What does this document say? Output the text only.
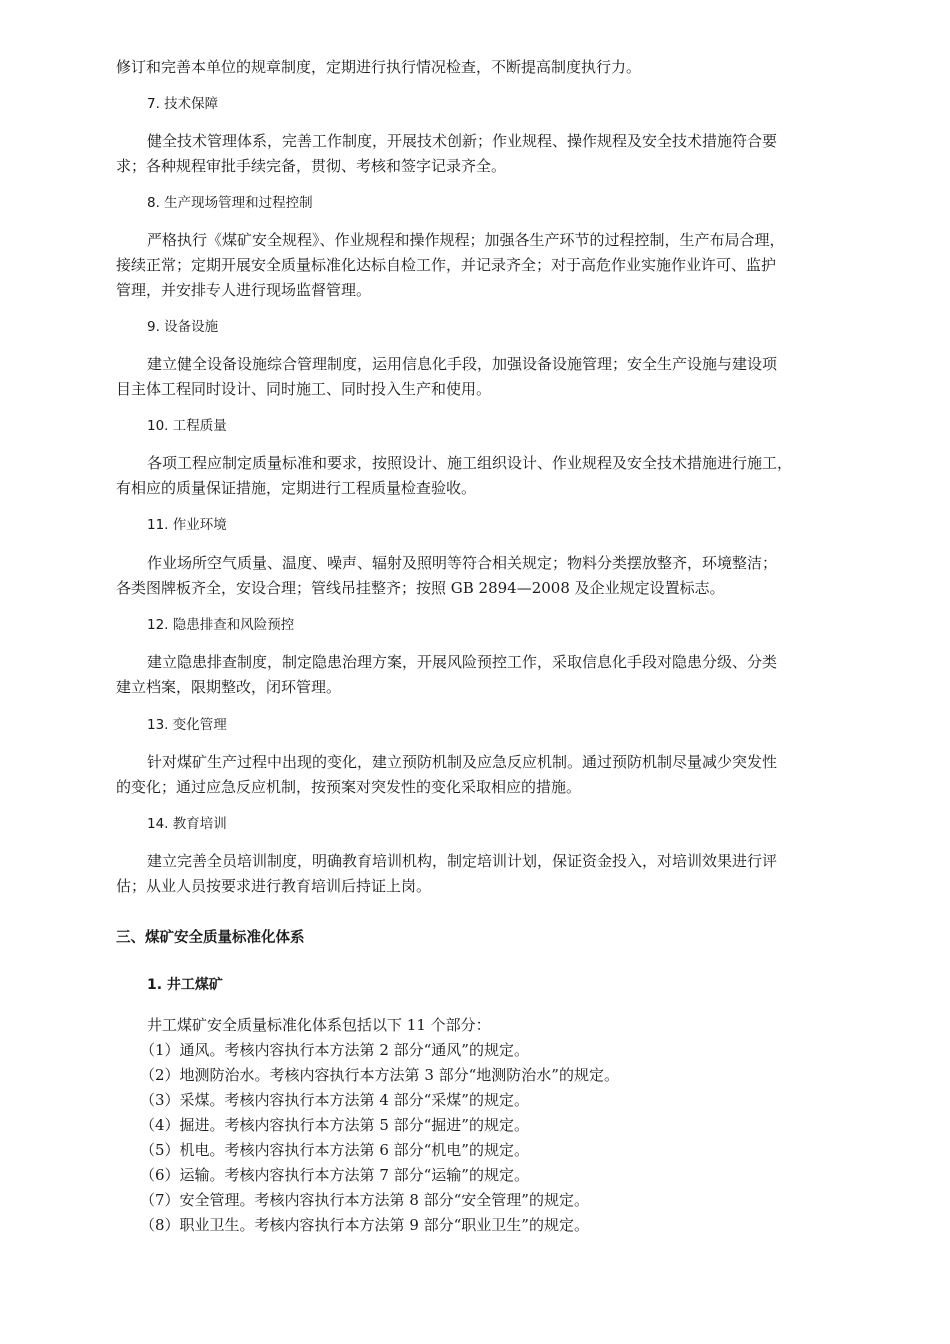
修订和完善本单位的规章制度，定期进行执行情况检查，不断提高制度执行力。
7. 技术保障
健全技术管理体系，完善工作制度，开展技术创新；作业规程、操作规程及安全技术措施符合要
求；各种规程审批手续完备，贯彻、考核和签字记录齐全。
8. 生产现场管理和过程控制
严格执行《煤矿安全规程》、作业规程和操作规程；加强各生产环节的过程控制，生产布局合理，
接续正常；定期开展安全质量标准化达标自检工作，并记录齐全；对于高危作业实施作业许可、监护
管理，并安排专人进行现场监督管理。
9. 设备设施
建立健全设备设施综合管理制度，运用信息化手段，加强设备设施管理；安全生产设施与建设项
目主体工程同时设计、同时施工、同时投入生产和使用。
10. 工程质量
各项工程应制定质量标准和要求，按照设计、施工组织设计、作业规程及安全技术措施进行施工，
有相应的质量保证措施，定期进行工程质量检查验收。
11. 作业环境
作业场所空气质量、温度、噪声、辐射及照明等符合相关规定；物料分类摆放整齐，环境整洁；
各类图牌板齐全，安设合理；管线吊挂整齐；按照 GB 2894—2008 及企业规定设置标志。
12. 隐患排查和风险预控
建立隐患排查制度，制定隐患治理方案，开展风险预控工作，采取信息化手段对隐患分级、分类
建立档案，限期整改，闭环管理。
13. 变化管理
针对煤矿生产过程中出现的变化，建立预防机制及应急反应机制。通过预防机制尽量减少突发性
的变化；通过应急反应机制，按预案对突发性的变化采取相应的措施。
14. 教育培训
建立完善全员培训制度，明确教育培训机构，制定培训计划，保证资金投入，对培训效果进行评
估；从业人员按要求进行教育培训后持证上岗。
三、煤矿安全质量标准化体系
1. 井工煤矿
井工煤矿安全质量标准化体系包括以下 11 个部分：
（1）通风。考核内容执行本方法第 2 部分“通风”的规定。
（2）地测防治水。考核内容执行本方法第 3 部分“地测防治水”的规定。
（3）采煤。考核内容执行本方法第 4 部分“采煤”的规定。
（4）掘进。考核内容执行本方法第 5 部分“掘进”的规定。
（5）机电。考核内容执行本方法第 6 部分“机电”的规定。
（6）运输。考核内容执行本方法第 7 部分“运输”的规定。
（7）安全管理。考核内容执行本方法第 8 部分“安全管理”的规定。
（8）职业卫生。考核内容执行本方法第 9 部分“职业卫生”的规定。
